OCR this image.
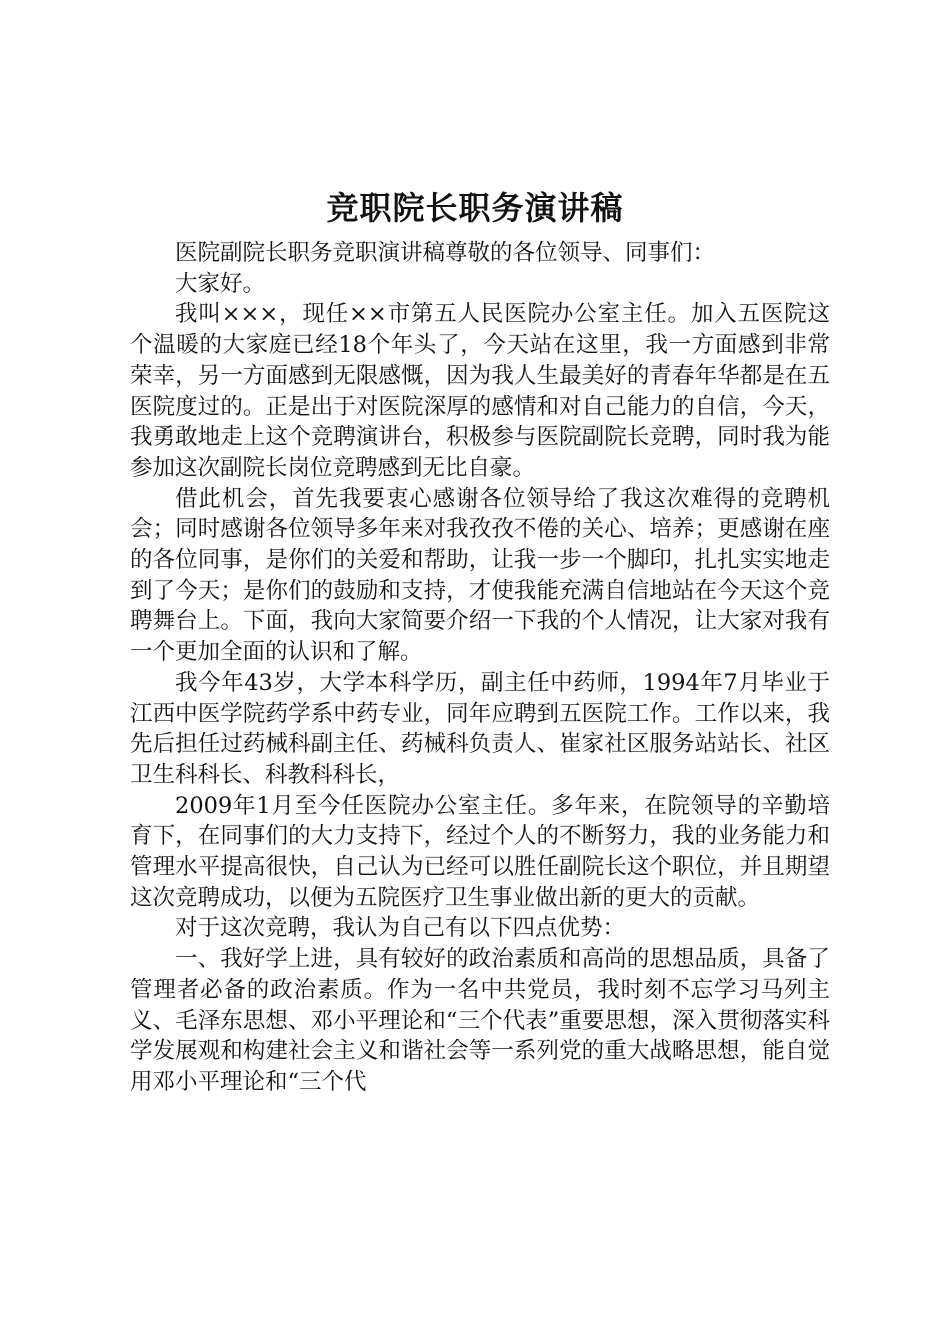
竞职院长职务演讲稿

医院副院长职务竞职演讲稿尊敬的各位领导、同事们：

大家好。

我叫×××，现任××市第五人民医院办公室主任。加入五医院这个温暖的大家庭已经18个年头了，今天站在这里，我一方面感到非常荣幸，另一方面感到无限感慨，因为我人生最美好的青春年华都是在五医院度过的。正是出于对医院深厚的感情和对自己能力的自信，今天，我勇敢地走上这个竞聘演讲台，积极参与医院副院长竞聘，同时我为能参加这次副院长岗位竞聘感到无比自豪。

借此机会，首先我要衷心感谢各位领导给了我这次难得的竞聘机会；同时感谢各位领导多年来对我孜孜不倦的关心、培养；更感谢在座的各位同事，是你们的关爱和帮助，让我一步一个脚印，扎扎实实地走到了今天；是你们的鼓励和支持，才使我能充满自信地站在今天这个竞聘舞台上。下面，我向大家简要介绍一下我的个人情况，让大家对我有一个更加全面的认识和了解。

我今年43岁，大学本科学历，副主任中药师，1994年7月毕业于江西中医学院药学系中药专业，同年应聘到五医院工作。工作以来，我先后担任过药械科副主任、药械科负责人、崔家社区服务站站长、社区卫生科科长、科教科科长，

2009年1月至今任医院办公室主任。多年来，在院领导的辛勤培育下，在同事们的大力支持下，经过个人的不断努力，我的业务能力和管理水平提高很快，自己认为已经可以胜任副院长这个职位，并且期望这次竞聘成功，以便为五院医疗卫生事业做出新的更大的贡献。

对于这次竞聘，我认为自己有以下四点优势：

一、我好学上进，具有较好的政治素质和高尚的思想品质，具备了管理者必备的政治素质。作为一名中共党员，我时刻不忘学习马列主义、毛泽东思想、邓小平理论和“三个代表”重要思想，深入贯彻落实科学发展观和构建社会主义和谐社会等一系列党的重大战略思想，能自觉用邓小平理论和“三个代
